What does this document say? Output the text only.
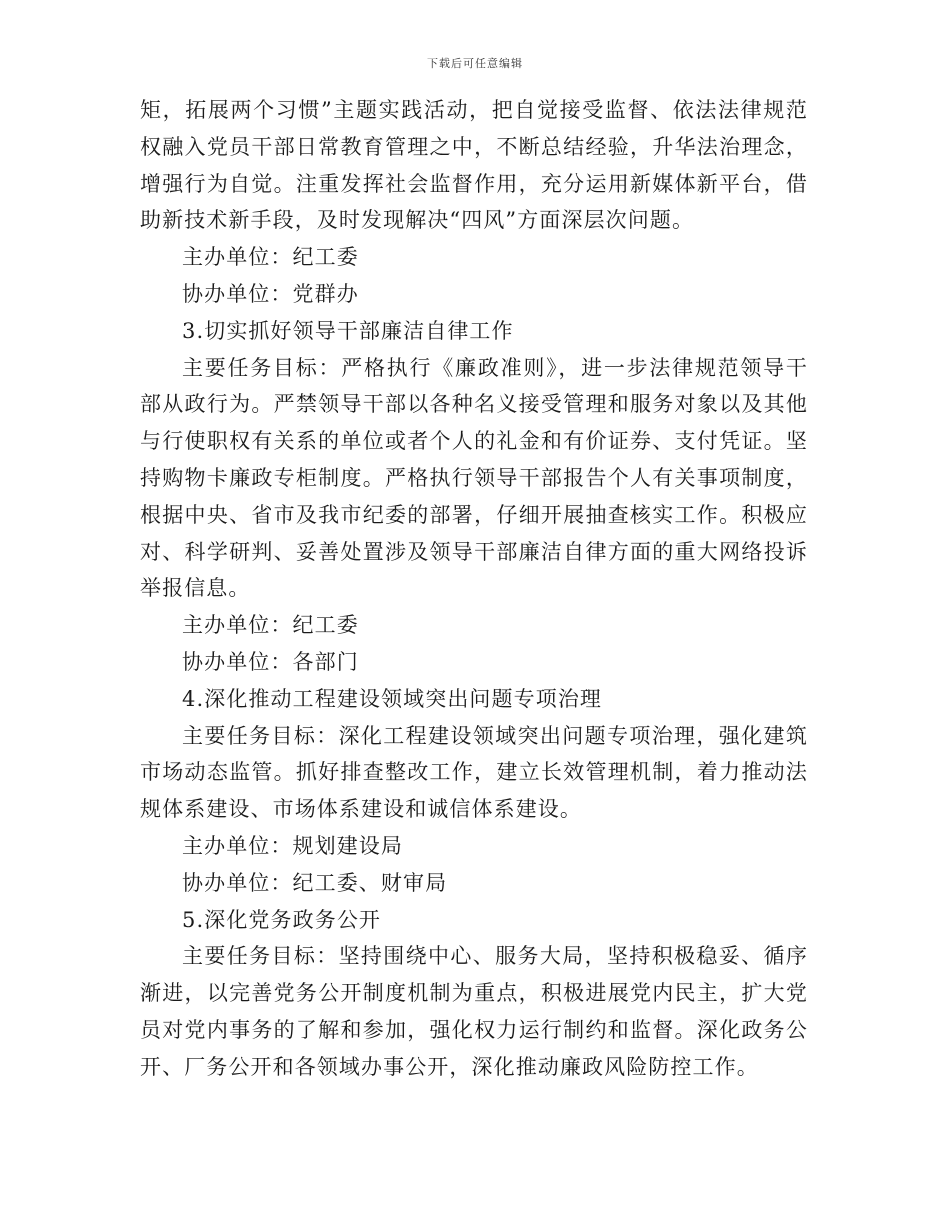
下载后可任意编辑

矩，拓展两个习惯”主题实践活动，把自觉接受监督、依法法律规范权融入党员干部日常教育管理之中，不断总结经验，升华法治理念，增强行为自觉。注重发挥社会监督作用，充分运用新媒体新平台，借助新技术新手段，及时发现解决“四风”方面深层次问题。

主办单位：纪工委

协办单位：党群办

3.切实抓好领导干部廉洁自律工作

主要任务目标：严格执行《廉政准则》，进一步法律规范领导干部从政行为。严禁领导干部以各种名义接受管理和服务对象以及其他与行使职权有关系的单位或者个人的礼金和有价证券、支付凭证。坚持购物卡廉政专柜制度。严格执行领导干部报告个人有关事项制度，根据中央、省市及我市纪委的部署，仔细开展抽查核实工作。积极应对、科学研判、妥善处置涉及领导干部廉洁自律方面的重大网络投诉举报信息。

主办单位：纪工委

协办单位：各部门

4.深化推动工程建设领域突出问题专项治理

主要任务目标：深化工程建设领域突出问题专项治理，强化建筑市场动态监管。抓好排查整改工作，建立长效管理机制，着力推动法规体系建设、市场体系建设和诚信体系建设。

主办单位：规划建设局

协办单位：纪工委、财审局

5.深化党务政务公开

主要任务目标：坚持围绕中心、服务大局，坚持积极稳妥、循序渐进，以完善党务公开制度机制为重点，积极进展党内民主，扩大党员对党内事务的了解和参加，强化权力运行制约和监督。深化政务公开、厂务公开和各领域办事公开，深化推动廉政风险防控工作。
